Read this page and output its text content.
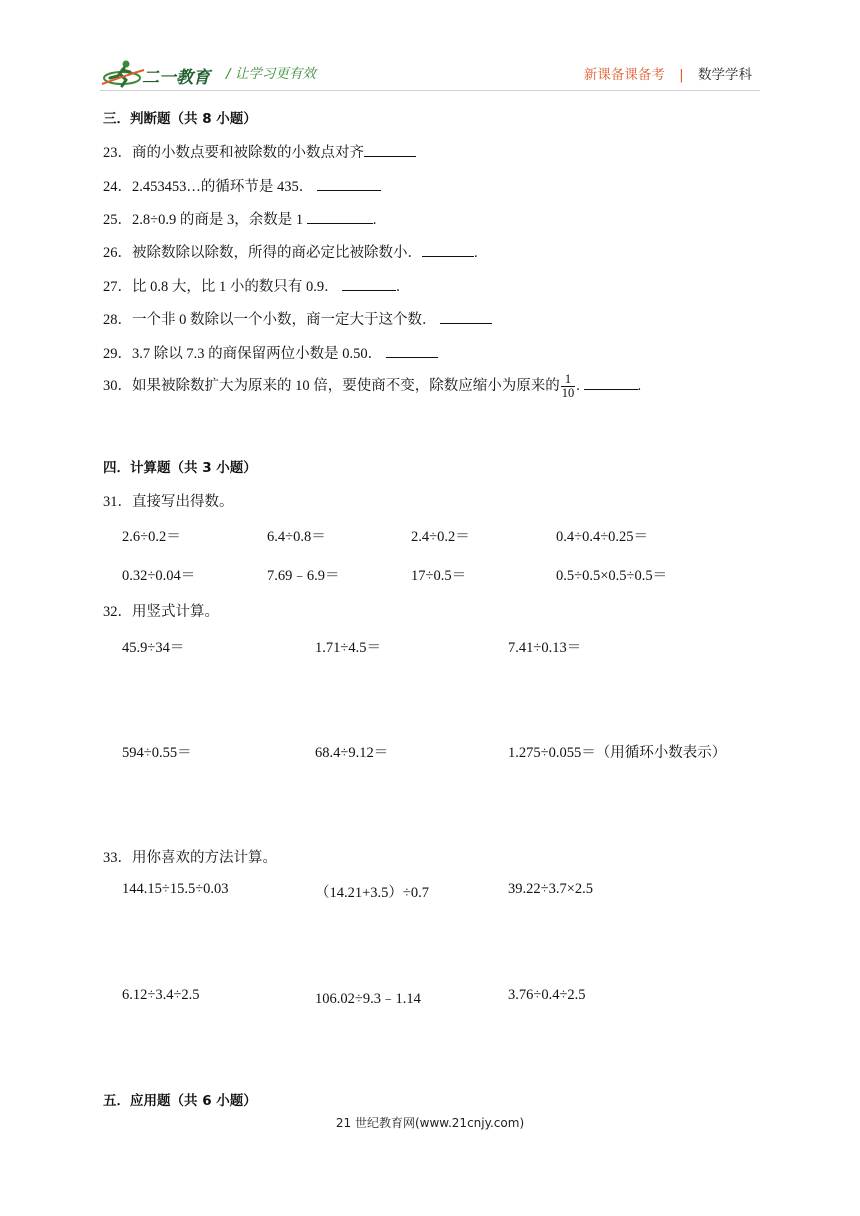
二一教育 / 让学习更有效	新课备课备考 | 数学学科
三．判断题（共 8 小题）
23．商的小数点要和被除数的小数点对齐
24．2.453453…的循环节是 435．
25．2.8÷0.9 的商是 3，余数是 1	.
26．被除数除以除数，所得的商必定比被除数小．	.
27．比 0.8 大，比 1 小的数只有 0.9．	.
28．一个非 0 数除以一个小数，商一定大于这个数．
29．3.7 除以 7.3 的商保留两位小数是 0.50．
30．如果被除数扩大为原来的 10 倍，要使商不变，除数应缩小为原来的 $\frac{1}{10}$ .	.
四．计算题（共 3 小题）
31．直接写出得数。
2.6÷0.2＝	6.4÷0.8＝	2.4÷0.2＝	0.4÷0.4÷0.25＝
0.32÷0.04＝	7.69﹣6.9＝	17÷0.5＝	0.5÷0.5×0.5÷0.5＝
32．用竖式计算。
45.9÷34＝	1.71÷4.5＝	7.41÷0.13＝
594÷0.55＝	68.4÷9.12＝	1.275÷0.055＝（用循环小数表示）
33．用你喜欢的方法计算。
144.15÷15.5÷0.03	（14.21+3.5）÷0.7	39.22÷3.7×2.5
6.12÷3.4÷2.5	106.02÷9.3﹣1.14	3.76÷0.4÷2.5
五．应用题（共 6 小题）
21 世纪教育网(www.21cnjy.com)
